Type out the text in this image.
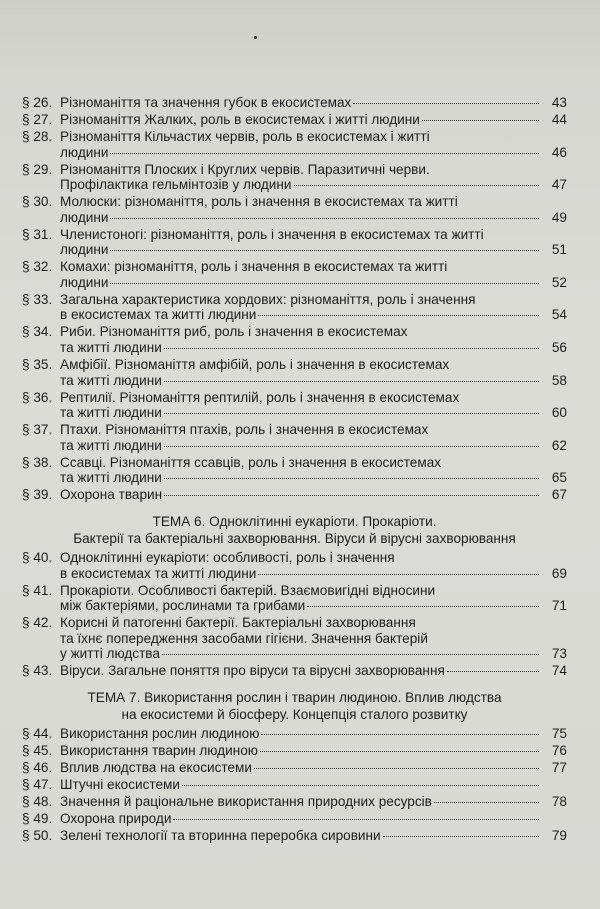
§ 26. Різноманіття та значення губок в екосистемах	43
§ 27. Різноманіття Жалких, роль в екосистемах і житті людини	44
§ 28. Різноманіття Кільчастих червів, роль в екосистемах і житті
людини	46
§ 29. Різноманіття Плоских і Круглих червів. Паразитичні черви.
Профілактика гельмінтозів у людини	47
§ 30. Молюски: різноманіття, роль і значення в екосистемах та житті
людини	49
§ 31. Членистоногі: різноманіття, роль і значення в екосистемах та житті
людини	51
§ 32. Комахи: різноманіття, роль і значення в екосистемах та житті
людини	52
§ 33. Загальна характеристика хордових: різноманіття, роль і значення
в екосистемах та житті людини	54
§ 34. Риби. Різноманіття риб, роль і значення в екосистемах
та житті людини	56
§ 35. Амфібії. Різноманіття амфібій, роль і значення в екосистемах
та житті людини	58
§ 36. Рептилії. Різноманіття рептилій, роль і значення в екосистемах
та житті людини	60
§ 37. Птахи. Різноманіття птахів, роль і значення в екосистемах
та житті людини	62
§ 38. Ссавці. Різноманіття ссавців, роль і значення в екосистемах
та житті людини	65
§ 39. Охорона тварин	67
ТЕМА 6. Одноклітинні еукаріоти. Прокаріоти.
Бактерії та бактеріальні захворювання. Віруси й вірусні захворювання
§ 40. Одноклітинні еукаріоти: особливості, роль і значення
в екосистемах та житті людини	69
§ 41. Прокаріоти. Особливості бактерій. Взаємовигідні відносини
між бактеріями, рослинами та грибами	71
§ 42. Корисні й патогенні бактерії. Бактеріальні захворювання
та їхнє попередження засобами гігієни. Значення бактерій
у житті людства	73
§ 43. Віруси. Загальне поняття про віруси та вірусні захворювання	74
ТЕМА 7. Використання рослин і тварин людиною. Вплив людства
на екосистеми й біосферу. Концепція сталого розвитку
§ 44. Використання рослин людиною	75
§ 45. Використання тварин людиною	76
§ 46. Вплив людства на екосистеми	77
§ 47. Штучні екосистеми
§ 48. Значення й раціональне використання природних ресурсів	78
§ 49. Охорона природи
§ 50. Зелені технології та вторинна переробка сировини	79
